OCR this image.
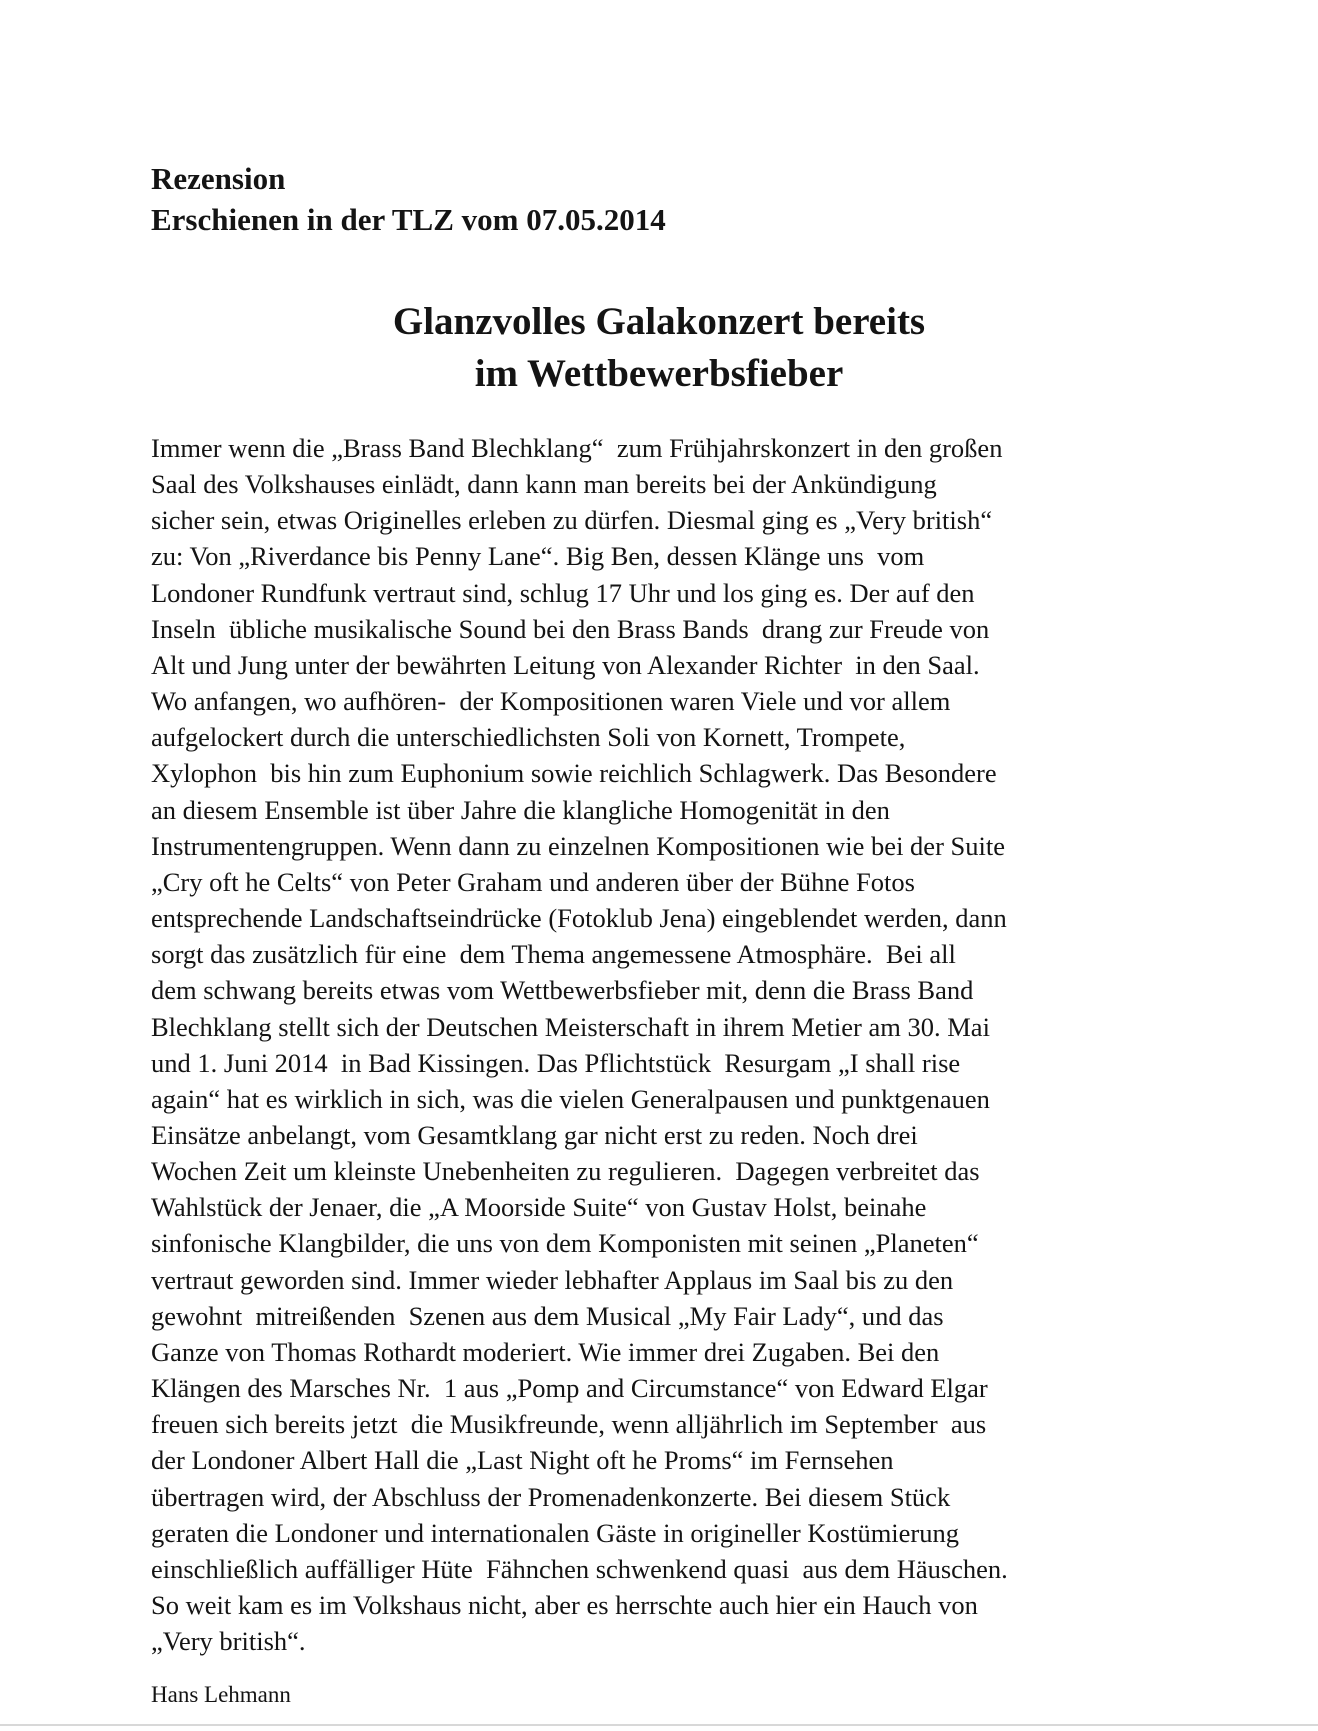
Rezension
Erschienen in der TLZ vom 07.05.2014
Glanzvolles Galakonzert bereits
im Wettbewerbsfieber
Immer wenn die „Brass Band Blechklang“  zum Frühjahrskonzert in den großen
Saal des Volkshauses einlädt, dann kann man bereits bei der Ankündigung
sicher sein, etwas Originelles erleben zu dürfen. Diesmal ging es „Very british“
zu: Von „Riverdance bis Penny Lane“. Big Ben, dessen Klänge uns  vom
Londoner Rundfunk vertraut sind, schlug 17 Uhr und los ging es. Der auf den
Inseln  übliche musikalische Sound bei den Brass Bands  drang zur Freude von
Alt und Jung unter der bewährten Leitung von Alexander Richter  in den Saal.
Wo anfangen, wo aufhören-  der Kompositionen waren Viele und vor allem
aufgelockert durch die unterschiedlichsten Soli von Kornett, Trompete,
Xylophon  bis hin zum Euphonium sowie reichlich Schlagwerk. Das Besondere
an diesem Ensemble ist über Jahre die klangliche Homogenität in den
Instrumentengruppen. Wenn dann zu einzelnen Kompositionen wie bei der Suite
„Cry oft he Celts“ von Peter Graham und anderen über der Bühne Fotos
entsprechende Landschaftseindrücke (Fotoklub Jena) eingeblendet werden, dann
sorgt das zusätzlich für eine  dem Thema angemessene Atmosphäre.  Bei all
dem schwang bereits etwas vom Wettbewerbsfieber mit, denn die Brass Band
Blechklang stellt sich der Deutschen Meisterschaft in ihrem Metier am 30. Mai
und 1. Juni 2014  in Bad Kissingen. Das Pflichtstück  Resurgam „I shall rise
again“ hat es wirklich in sich, was die vielen Generalpausen und punktgenauen
Einsätze anbelangt, vom Gesamtklang gar nicht erst zu reden. Noch drei
Wochen Zeit um kleinste Unebenheiten zu regulieren.  Dagegen verbreitet das
Wahlstück der Jenaer, die „A Moorside Suite“ von Gustav Holst, beinahe
sinfonische Klangbilder, die uns von dem Komponisten mit seinen „Planeten“
vertraut geworden sind. Immer wieder lebhafter Applaus im Saal bis zu den
gewohnt  mitreißenden  Szenen aus dem Musical „My Fair Lady“, und das
Ganze von Thomas Rothardt moderiert. Wie immer drei Zugaben. Bei den
Klängen des Marsches Nr.  1 aus „Pomp and Circumstance“ von Edward Elgar
freuen sich bereits jetzt  die Musikfreunde, wenn alljährlich im September  aus
der Londoner Albert Hall die „Last Night oft he Proms“ im Fernsehen
übertragen wird, der Abschluss der Promenadenkonzerte. Bei diesem Stück
geraten die Londoner und internationalen Gäste in origineller Kostümierung
einschließlich auffälliger Hüte  Fähnchen schwenkend quasi  aus dem Häuschen.
So weit kam es im Volkshaus nicht, aber es herrschte auch hier ein Hauch von
„Very british“.
Hans Lehmann
